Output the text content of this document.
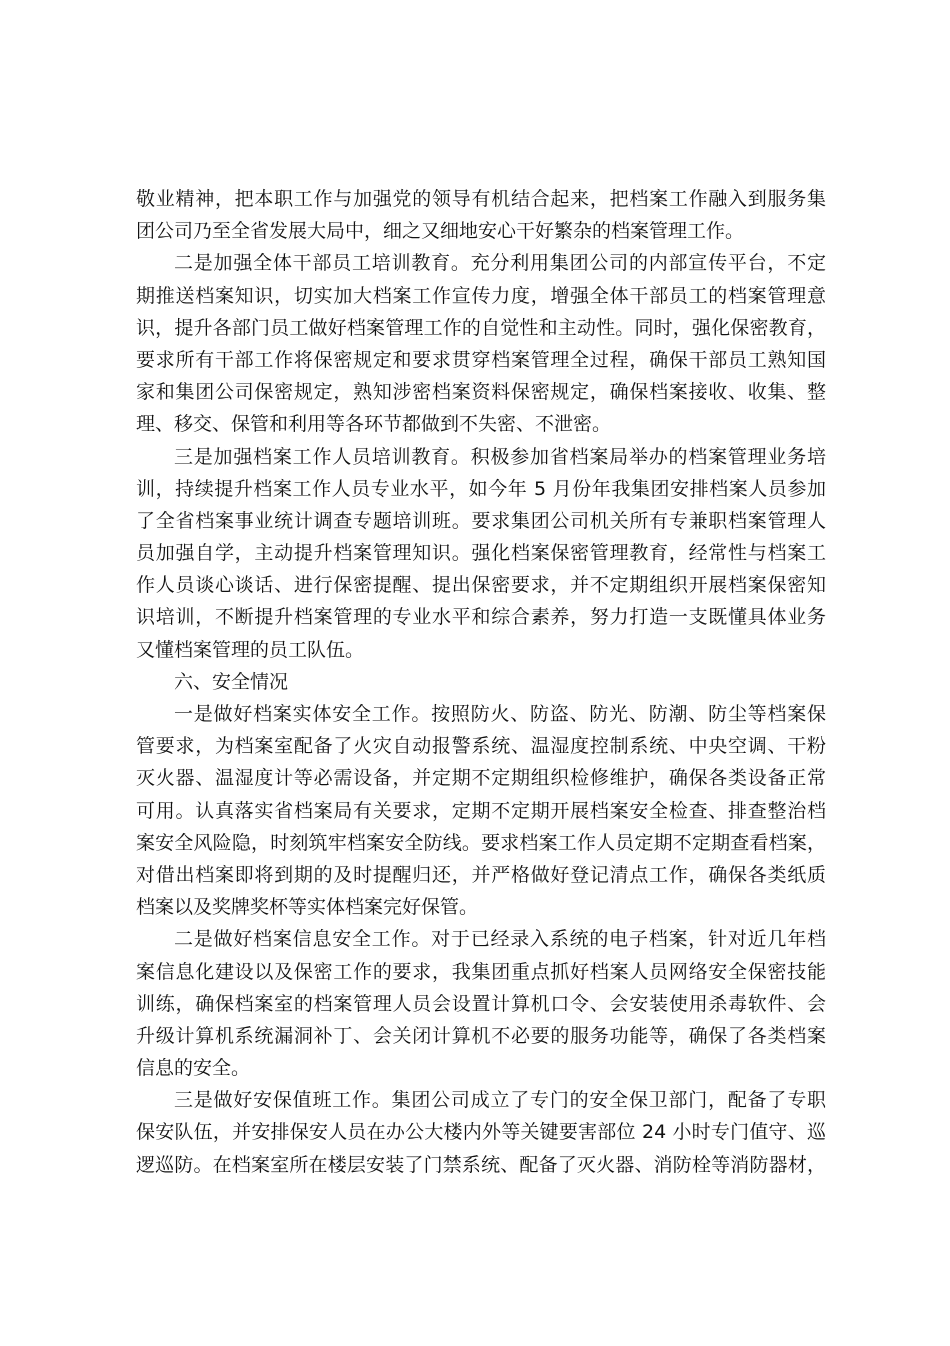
敬业精神，把本职工作与加强党的领导有机结合起来，把档案工作融入到服务集
团公司乃至全省发展大局中，细之又细地安心干好繁杂的档案管理工作。
二是加强全体干部员工培训教育。充分利用集团公司的内部宣传平台，不定
期推送档案知识，切实加大档案工作宣传力度，增强全体干部员工的档案管理意
识，提升各部门员工做好档案管理工作的自觉性和主动性。同时，强化保密教育，
要求所有干部工作将保密规定和要求贯穿档案管理全过程，确保干部员工熟知国
家和集团公司保密规定，熟知涉密档案资料保密规定，确保档案接收、收集、整
理、移交、保管和利用等各环节都做到不失密、不泄密。
三是加强档案工作人员培训教育。积极参加省档案局举办的档案管理业务培
训，持续提升档案工作人员专业水平，如今年 5 月份年我集团安排档案人员参加
了全省档案事业统计调查专题培训班。要求集团公司机关所有专兼职档案管理人
员加强自学，主动提升档案管理知识。强化档案保密管理教育，经常性与档案工
作人员谈心谈话、进行保密提醒、提出保密要求，并不定期组织开展档案保密知
识培训，不断提升档案管理的专业水平和综合素养，努力打造一支既懂具体业务
又懂档案管理的员工队伍。
六、安全情况
一是做好档案实体安全工作。按照防火、防盗、防光、防潮、防尘等档案保
管要求，为档案室配备了火灾自动报警系统、温湿度控制系统、中央空调、干粉
灭火器、温湿度计等必需设备，并定期不定期组织检修维护，确保各类设备正常
可用。认真落实省档案局有关要求，定期不定期开展档案安全检查、排查整治档
案安全风险隐，时刻筑牢档案安全防线。要求档案工作人员定期不定期查看档案，
对借出档案即将到期的及时提醒归还，并严格做好登记清点工作，确保各类纸质
档案以及奖牌奖杯等实体档案完好保管。
二是做好档案信息安全工作。对于已经录入系统的电子档案，针对近几年档
案信息化建设以及保密工作的要求，我集团重点抓好档案人员网络安全保密技能
训练，确保档案室的档案管理人员会设置计算机口令、会安装使用杀毒软件、会
升级计算机系统漏洞补丁、会关闭计算机不必要的服务功能等，确保了各类档案
信息的安全。
三是做好安保值班工作。集团公司成立了专门的安全保卫部门，配备了专职
保安队伍，并安排保安人员在办公大楼内外等关键要害部位 24 小时专门值守、巡
逻巡防。在档案室所在楼层安装了门禁系统、配备了灭火器、消防栓等消防器材，
